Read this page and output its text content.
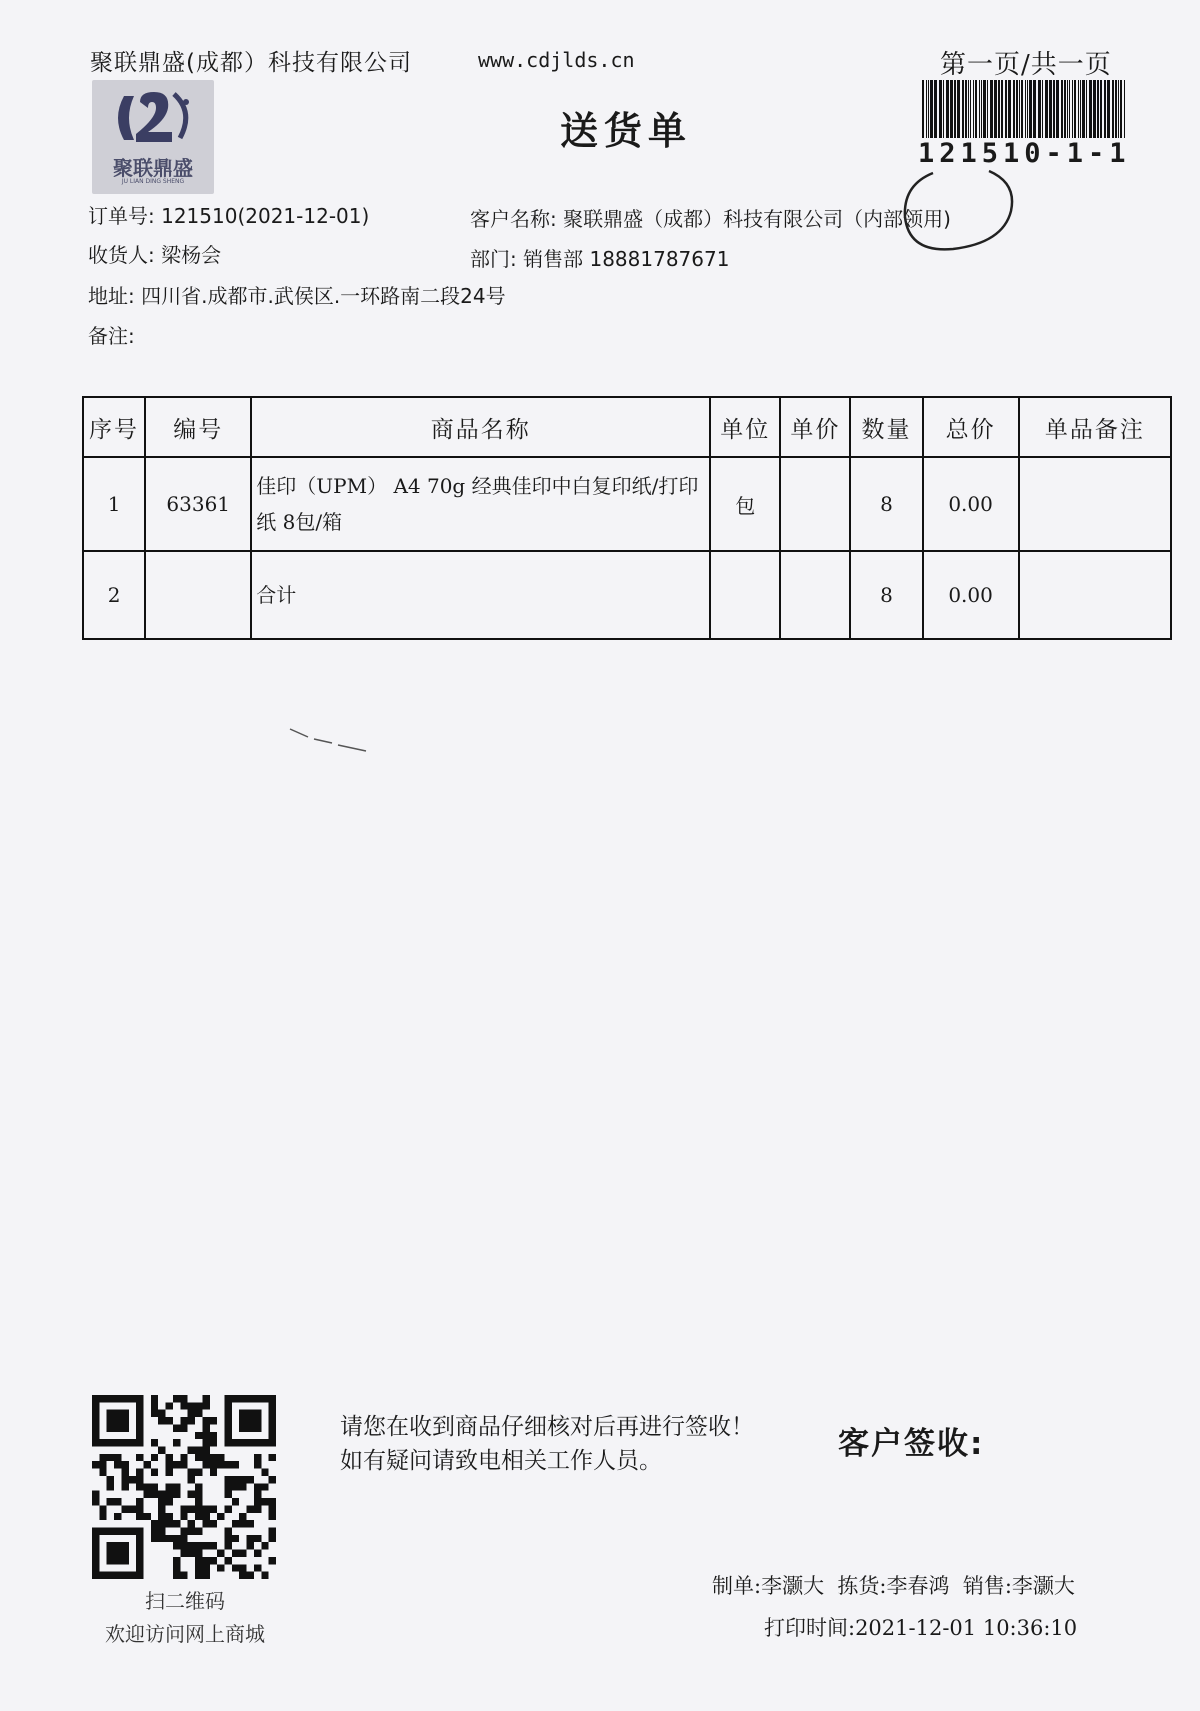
聚联鼎盛(成都）科技有限公司	www.cdjlds.cn	第一页/共一页
聚联鼎盛
JU LIAN DING SHENG
送货单
121510-1-1
订单号: 121510(2021-12-01)	客户名称: 聚联鼎盛（成都）科技有限公司（内部领用)
收货人: 梁杨会	部门: 销售部 18881787671
地址: 四川省.成都市.武侯区.一环路南二段24号
备注:
序号	编号	商品名称	单位	单价	数量	总价	单品备注
1	63361	佳印（UPM） A4 70g 经典佳印中白复印纸/打印纸 8包/箱	包		8	0.00	
2		合计			8	0.00	
扫二维码
欢迎访问网上商城
请您在收到商品仔细核对后再进行签收！如有疑问请致电相关工作人员。	客户签收:
制单:李灏大  拣货:李春鸿  销售:李灏大
打印时间:2021-12-01 10:36:10
